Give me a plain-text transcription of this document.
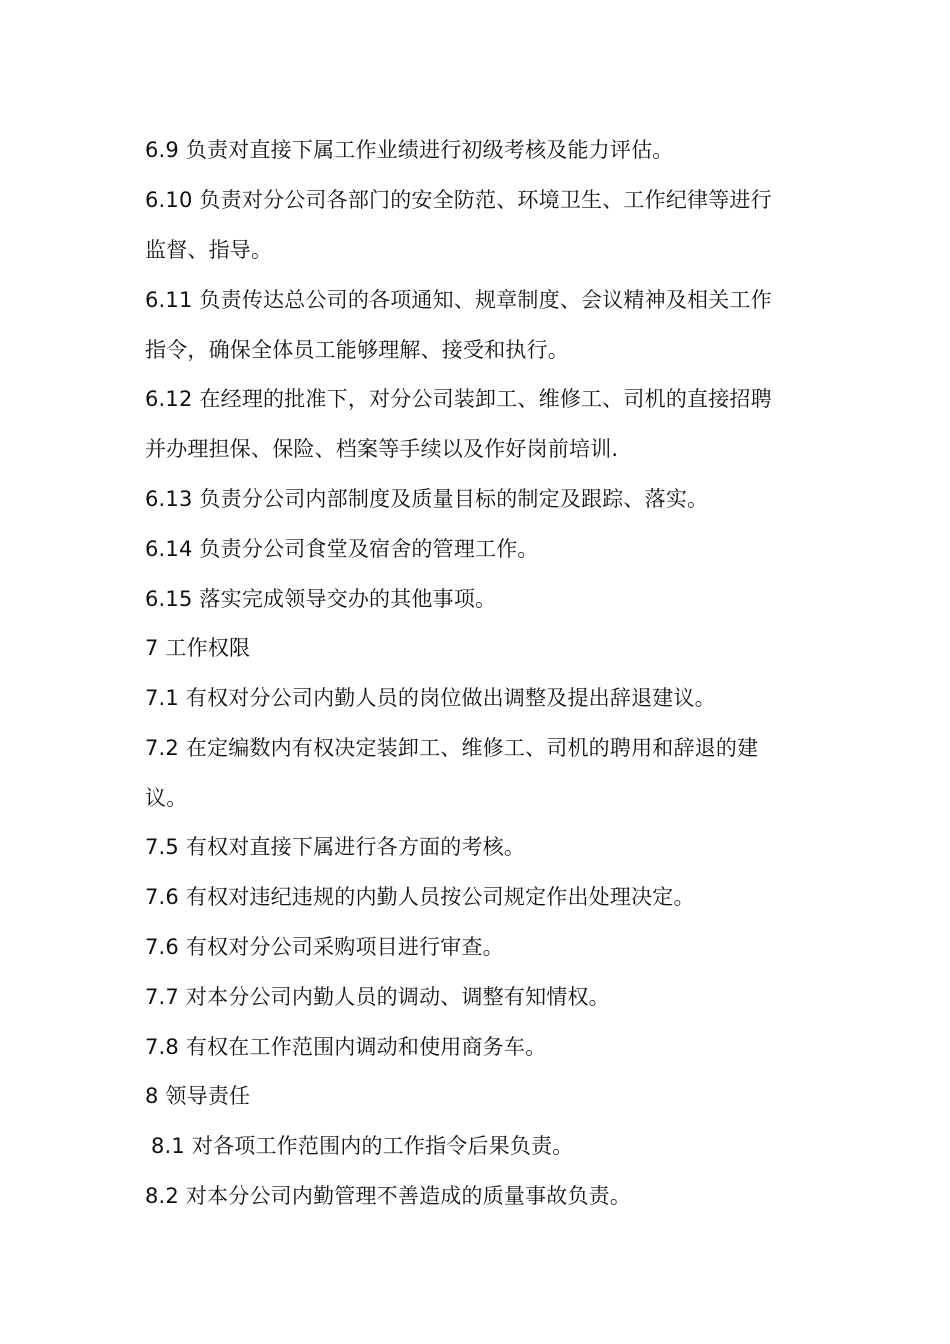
6.9 负责对直接下属工作业绩进行初级考核及能力评估。
6.10 负责对分公司各部门的安全防范、环境卫生、工作纪律等进行
监督、指导。
6.11 负责传达总公司的各项通知、规章制度、会议精神及相关工作
指令，确保全体员工能够理解、接受和执行。
6.12 在经理的批准下，对分公司装卸工、维修工、司机的直接招聘
并办理担保、保险、档案等手续以及作好岗前培训.
6.13 负责分公司内部制度及质量目标的制定及跟踪、落实。
6.14 负责分公司食堂及宿舍的管理工作。
6.15 落实完成领导交办的其他事项。
7 工作权限
7.1 有权对分公司内勤人员的岗位做出调整及提出辞退建议。
7.2 在定编数内有权决定装卸工、维修工、司机的聘用和辞退的建
议。
7.5 有权对直接下属进行各方面的考核。
7.6 有权对违纪违规的内勤人员按公司规定作出处理决定。
7.6 有权对分公司采购项目进行审查。
7.7 对本分公司内勤人员的调动、调整有知情权。
7.8 有权在工作范围内调动和使用商务车。
8 领导责任
8.1 对各项工作范围内的工作指令后果负责。
8.2 对本分公司内勤管理不善造成的质量事故负责。
